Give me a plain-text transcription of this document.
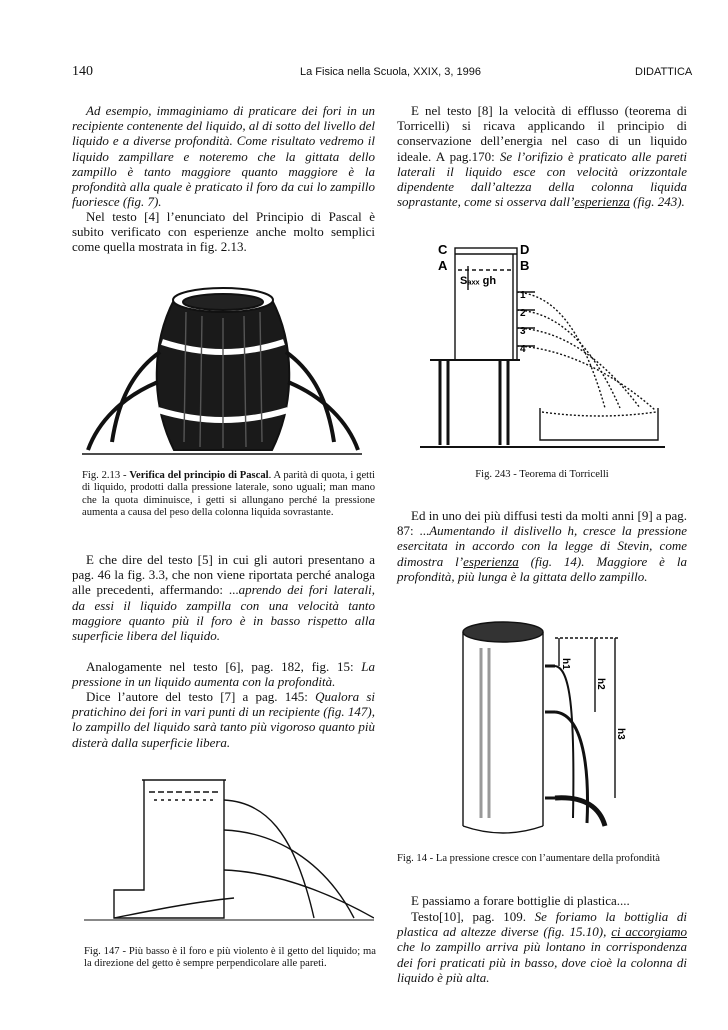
140	La Fisica nella Scuola, XXIX, 3, 1996	DIDATTICA

Ad esempio, immaginiamo di praticare dei fori in un recipiente contenente del liquido, al di sotto del livello del liquido e a diverse profondità. Come risultato vedremo il liquido zampillare e noteremo che la gittata dello zampillo è tanto maggiore quanto maggiore è la profondità alla quale è praticato il foro da cui lo zampillo fuoriesce (fig. 7).

Nel testo [4] l’enunciato del Principio di Pascal è subito verificato con esperienze anche molto semplici come quella mostrata in fig. 2.13.

Fig. 2.13 - Verifica del principio di Pascal. A parità di quota, i getti di liquido, prodotti dalla pressione laterale, sono uguali; man mano che la quota diminuisce, i getti si allungano perché la pressione aumenta a causa del peso della colonna liquida sovrastante.

E che dire del testo [5] in cui gli autori presentano a pag. 46 la fig. 3.3, che non viene riportata perché analoga alle precedenti, affermando: ...aprendo dei fori laterali, da essi il liquido zampilla con una velocità tanto maggiore quanto più il foro è in basso rispetto alla superficie libera del liquido.

Analogamente nel testo [6], pag. 182, fig. 15: La pressione in un liquido aumenta con la profondità.

Dice l’autore del testo [7] a pag. 145: Qualora si pratichino dei fori in vari punti di un recipiente (fig. 147), lo zampillo del liquido sarà tanto più vigoroso quanto più disterà dalla superficie libera.

Fig. 147 - Più basso è il foro e più violento è il getto del liquido; ma la direzione del getto è sempre perpendicolare alle pareti.

E nel testo [8] la velocità di efflusso (teorema di Torricelli) si ricava applicando il principio di conservazione dell’energia nel caso di un liquido ideale. A pag.170: Se l’orifizio è praticato alle pareti laterali il liquido esce con velocità orizzontale dipendente dall’altezza della colonna liquida soprastante, come si osserva dall’esperienza (fig. 243).

C
A
D
B
Sₐₓₓ gh
1
2
3
4

Fig. 243 - Teorema di Torricelli

Ed in uno dei più diffusi testi da molti anni [9] a pag. 87: ...Aumentando il dislivello h, cresce la pressione esercitata in accordo con la legge di Stevin, come dimostra l’esperienza (fig. 14). Maggiore è la profondità, più lunga è la gittata dello zampillo.

h1
h2
h3

Fig. 14 - La pressione cresce con l’aumentare della profondità

E passiamo a forare bottiglie di plastica....

Testo[10], pag. 109. Se foriamo la bottiglia di plastica ad altezze diverse (fig. 15.10), ci accorgiamo che lo zampillo arriva più lontano in corrispondenza dei fori praticati più in basso, dove cioè la colonna di liquido è più alta.
